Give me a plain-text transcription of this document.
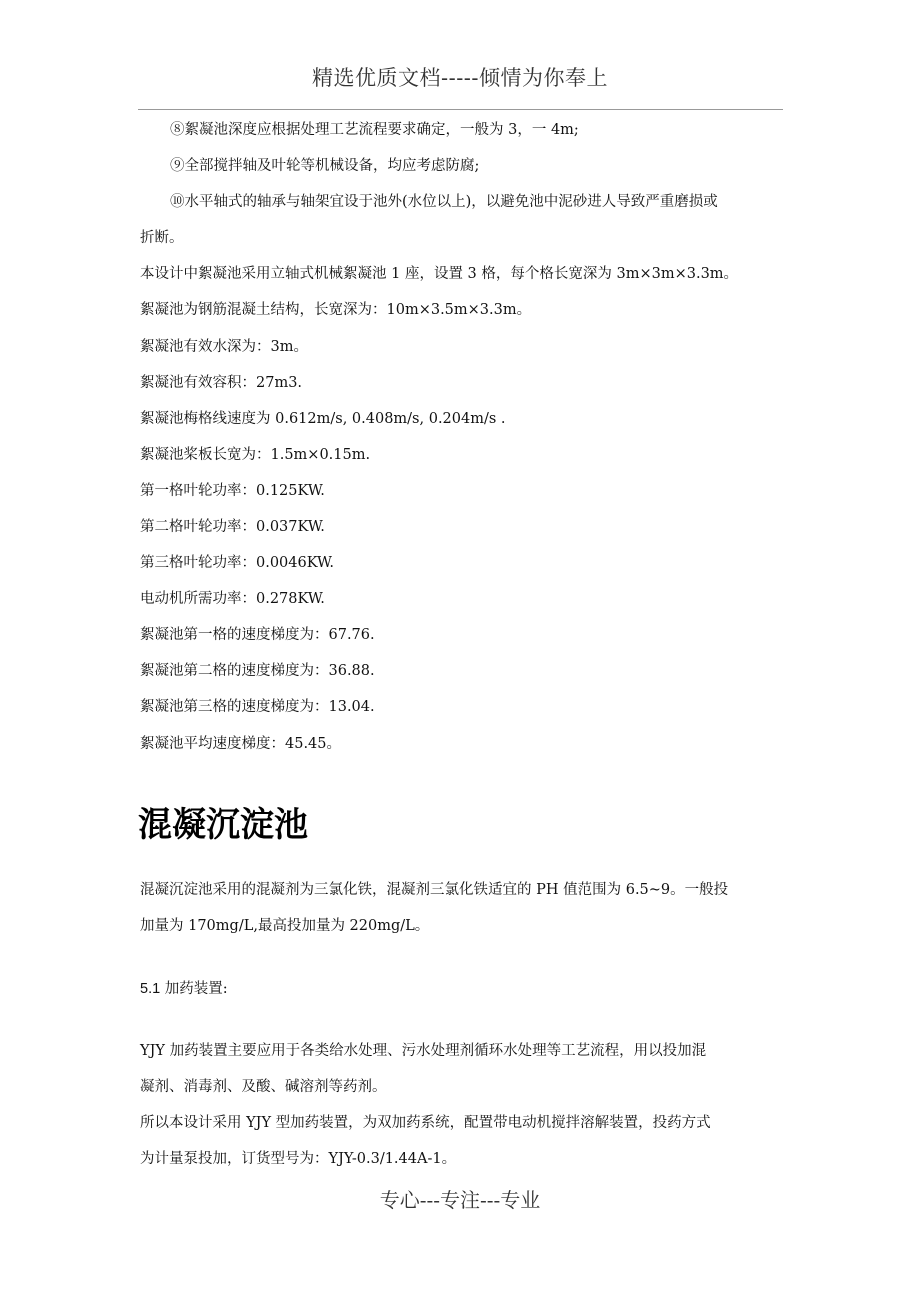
精选优质文档-----倾情为你奉上
⑧絮凝池深度应根据处理工艺流程要求确定，一般为 3，一 4m;
⑨全部搅拌轴及叶轮等机械设备，均应考虑防腐;
⑩水平轴式的轴承与轴架宜设于池外(水位以上)，以避免池中泥砂进人导致严重磨损或
折断。
本设计中絮凝池采用立轴式机械絮凝池 1 座，设置 3 格，每个格长宽深为 3m×3m×3.3m。
絮凝池为钢筋混凝土结构，长宽深为：10m×3.5m×3.3m。
絮凝池有效水深为：3m。
絮凝池有效容积：27m3.
絮凝池梅格线速度为 0.612m/s, 0.408m/s, 0.204m/s .
絮凝池桨板长宽为：1.5m×0.15m.
第一格叶轮功率：0.125KW.
第二格叶轮功率：0.037KW.
第三格叶轮功率：0.0046KW.
电动机所需功率：0.278KW.
絮凝池第一格的速度梯度为：67.76.
絮凝池第二格的速度梯度为：36.88.
絮凝池第三格的速度梯度为：13.04.
絮凝池平均速度梯度：45.45。
混凝沉淀池
混凝沉淀池采用的混凝剂为三氯化铁，混凝剂三氯化铁适宜的 PH 值范围为 6.5~9。一般投
加量为 170mg/L,最高投加量为 220mg/L。
5.1 加药装置:
YJY 加药装置主要应用于各类给水处理、污水处理剂循环水处理等工艺流程，用以投加混
凝剂、消毒剂、及酸、碱溶剂等药剂。
所以本设计采用 YJY 型加药装置，为双加药系统，配置带电动机搅拌溶解装置，投药方式
为计量泵投加，订货型号为：YJY-0.3/1.44A-1。
专心---专注---专业
